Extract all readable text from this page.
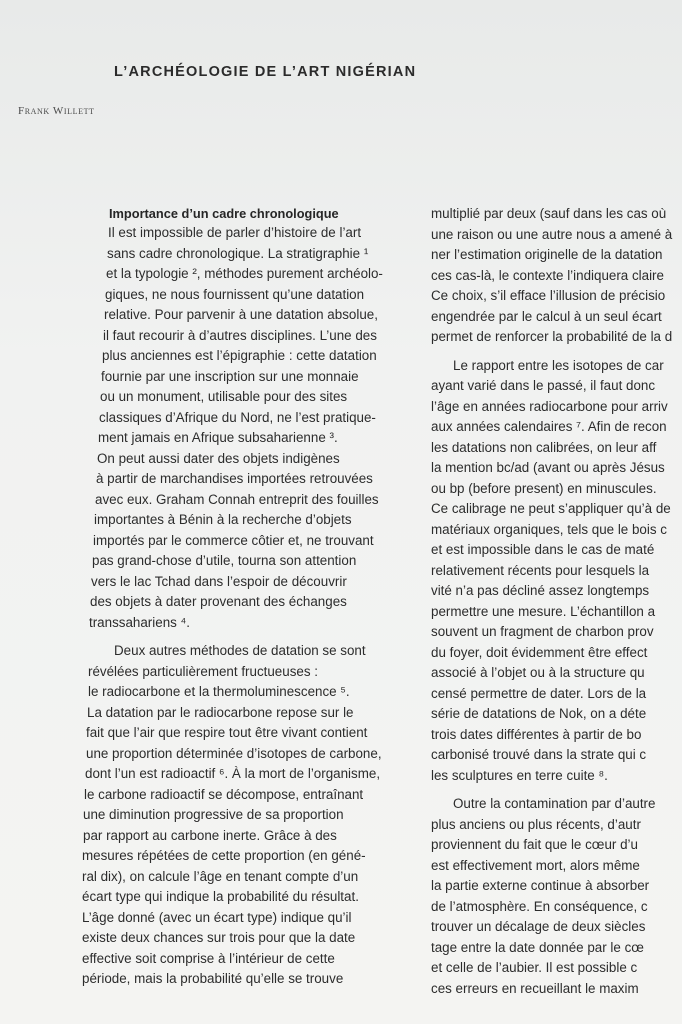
L’ARCHÉOLOGIE DE L’ART NIGÉRIAN
Frank Willett
Importance d’un cadre chronologique
Il est impossible de parler d’histoire de l’art
sans cadre chronologique. La stratigraphie ¹
et la typologie ², méthodes purement archéolo-
giques, ne nous fournissent qu’une datation
relative. Pour parvenir à une datation absolue,
il faut recourir à d’autres disciplines. L’une des
plus anciennes est l’épigraphie : cette datation
fournie par une inscription sur une monnaie
ou un monument, utilisable pour des sites
classiques d’Afrique du Nord, ne l’est pratique-
ment jamais en Afrique subsaharienne ³.
On peut aussi dater des objets indigènes
à partir de marchandises importées retrouvées
avec eux. Graham Connah entreprit des fouilles
importantes à Bénin à la recherche d’objets
importés par le commerce côtier et, ne trouvant
pas grand-chose d’utile, tourna son attention
vers le lac Tchad dans l’espoir de découvrir
des objets à dater provenant des échanges
transsahariens ⁴.
Deux autres méthodes de datation se sont
révélées particulièrement fructueuses :
le radiocarbone et la thermoluminescence ⁵.
La datation par le radiocarbone repose sur le
fait que l’air que respire tout être vivant contient
une proportion déterminée d’isotopes de carbone,
dont l’un est radioactif ⁶. À la mort de l’organisme,
le carbone radioactif se décompose, entraînant
une diminution progressive de sa proportion
par rapport au carbone inerte. Grâce à des
mesures répétées de cette proportion (en géné-
ral dix), on calcule l’âge en tenant compte d’un
écart type qui indique la probabilité du résultat.
L’âge donné (avec un écart type) indique qu’il
existe deux chances sur trois pour que la date
effective soit comprise à l’intérieur de cette
période, mais la probabilité qu’elle se trouve
multiplié par deux (sauf dans les cas où
une raison ou une autre nous a amené à
ner l’estimation originelle de la datation
ces cas-là, le contexte l’indiquera claire
Ce choix, s’il efface l’illusion de précisio
engendrée par le calcul à un seul écart
permet de renforcer la probabilité de la d
Le rapport entre les isotopes de car
ayant varié dans le passé, il faut donc
l’âge en années radiocarbone pour arriv
aux années calendaires ⁷. Afin de recon
les datations non calibrées, on leur aff
la mention bc/ad (avant ou après Jésus
ou bp (before present) en minuscules.
Ce calibrage ne peut s’appliquer qu’à de
matériaux organiques, tels que le bois c
et est impossible dans le cas de maté
relativement récents pour lesquels la
vité n’a pas décliné assez longtemps
permettre une mesure. L’échantillon a
souvent un fragment de charbon prov
du foyer, doit évidemment être effect
associé à l’objet ou à la structure qu
censé permettre de dater. Lors de la
série de datations de Nok, on a déte
trois dates différentes à partir de bo
carbonisé trouvé dans la strate qui c
les sculptures en terre cuite ⁸.
Outre la contamination par d’autre
plus anciens ou plus récents, d’autr
proviennent du fait que le cœur d’u
est effectivement mort, alors même
la partie externe continue à absorber
de l’atmosphère. En conséquence, c
trouver un décalage de deux siècles
tage entre la date donnée par le cœ
et celle de l’aubier. Il est possible c
ces erreurs en recueillant le maxim
